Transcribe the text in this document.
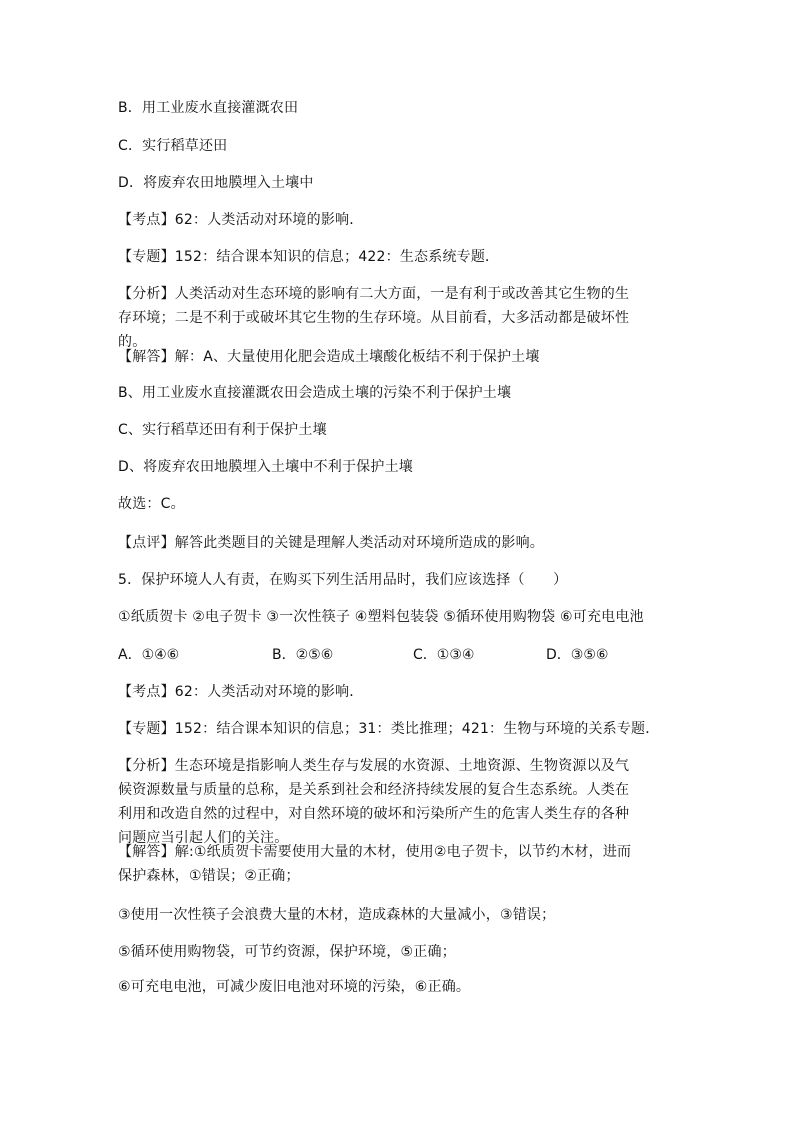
B．用工业废水直接灌溉农田
C．实行稻草还田
D．将废弃农田地膜埋入土壤中
【考点】62：人类活动对环境的影响．
【专题】152：结合课本知识的信息；422：生态系统专题．
【分析】人类活动对生态环境的影响有二大方面，一是有利于或改善其它生物的生存环境；二是不利于或破坏其它生物的生存环境。从目前看，大多活动都是破坏性的。
【解答】解：A、大量使用化肥会造成土壤酸化板结不利于保护土壤
B、用工业废水直接灌溉农田会造成土壤的污染不利于保护土壤
C、实行稻草还田有利于保护土壤
D、将废弃农田地膜埋入土壤中不利于保护土壤
故选：C。
【点评】解答此类题目的关键是理解人类活动对环境所造成的影响。
5．保护环境人人有责，在购买下列生活用品时，我们应该选择（　　）
①纸质贺卡 ②电子贺卡 ③一次性筷子 ④塑料包装袋 ⑤循环使用购物袋 ⑥可充电电池
A．①④⑥	B．②⑤⑥	C．①③④	D．③⑤⑥
【考点】62：人类活动对环境的影响．
【专题】152：结合课本知识的信息；31：类比推理；421：生物与环境的关系专题．
【分析】生态环境是指影响人类生存与发展的水资源、土地资源、生物资源以及气候资源数量与质量的总称，是关系到社会和经济持续发展的复合生态系统。人类在利用和改造自然的过程中，对自然环境的破坏和污染所产生的危害人类生存的各种问题应当引起人们的关注。
【解答】解:①纸质贺卡需要使用大量的木材，使用②电子贺卡，以节约木材，进而保护森林，①错误；②正确；
③使用一次性筷子会浪费大量的木材，造成森林的大量减小，③错误；
⑤循环使用购物袋，可节约资源，保护环境，⑤正确；
⑥可充电电池，可减少废旧电池对环境的污染，⑥正确。
